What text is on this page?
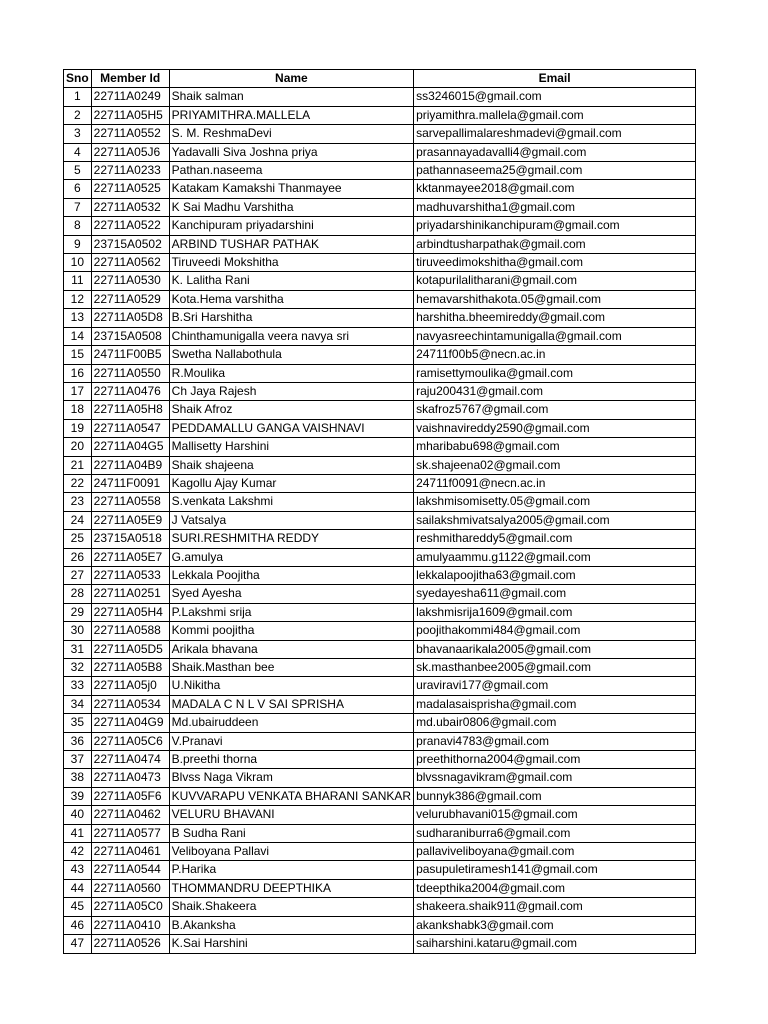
Sno	Member Id	Name	Email
1	22711A0249	Shaik salman	ss3246015@gmail.com
2	22711A05H5	PRIYAMITHRA.MALLELA	priyamithra.mallela@gmail.com
3	22711A0552	S. M. ReshmaDevi	sarvepallimalareshmadevi@gmail.com
4	22711A05J6	Yadavalli Siva Joshna priya	prasannayadavalli4@gmail.com
5	22711A0233	Pathan.naseema	pathannaseema25@gmail.com
6	22711A0525	Katakam Kamakshi Thanmayee	kktanmayee2018@gmail.com
7	22711A0532	K Sai Madhu Varshitha	madhuvarshitha1@gmail.com
8	22711A0522	Kanchipuram priyadarshini	priyadarshinikanchipuram@gmail.com
9	23715A0502	ARBIND TUSHAR PATHAK	arbindtusharpathak@gmail.com
10	22711A0562	Tiruveedi Mokshitha	tiruveedimokshitha@gmail.com
11	22711A0530	K. Lalitha Rani	kotapurilalitharani@gmail.com
12	22711A0529	Kota.Hema varshitha	hemavarshithakota.05@gmail.com
13	22711A05D8	B.Sri Harshitha	harshitha.bheemireddy@gmail.com
14	23715A0508	Chinthamunigalla veera navya sri	navyasreechintamunigalla@gmail.com
15	24711F00B5	Swetha Nallabothula	24711f00b5@necn.ac.in
16	22711A0550	R.Moulika	ramisettymoulika@gmail.com
17	22711A0476	Ch Jaya Rajesh	raju200431@gmail.com
18	22711A05H8	Shaik Afroz	skafroz5767@gmail.com
19	22711A0547	PEDDAMALLU GANGA VAISHNAVI	vaishnavireddy2590@gmail.com
20	22711A04G5	Mallisetty Harshini	mharibabu698@gmail.com
21	22711A04B9	Shaik shajeena	sk.shajeena02@gmail.com
22	24711F0091	Kagollu Ajay Kumar	24711f0091@necn.ac.in
23	22711A0558	S.venkata Lakshmi	lakshmisomisetty.05@gmail.com
24	22711A05E9	J Vatsalya	sailakshmivatsalya2005@gmail.com
25	23715A0518	SURI.RESHMITHA REDDY	reshmithareddy5@gmail.com
26	22711A05E7	G.amulya	amulyaammu.g1122@gmail.com
27	22711A0533	Lekkala Poojitha	lekkalapoojitha63@gmail.com
28	22711A0251	Syed Ayesha	syedayesha611@gmail.com
29	22711A05H4	P.Lakshmi srija	lakshmisrija1609@gmail.com
30	22711A0588	Kommi poojitha	poojithakommi484@gmail.com
31	22711A05D5	Arikala bhavana	bhavanaarikala2005@gmail.com
32	22711A05B8	Shaik.Masthan bee	sk.masthanbee2005@gmail.com
33	22711A05j0	U.Nikitha	uraviravi177@gmail.com
34	22711A0534	MADALA C N L V SAI SPRISHA	madalasaisprisha@gmail.com
35	22711A04G9	Md.ubairuddeen	md.ubair0806@gmail.com
36	22711A05C6	V.Pranavi	pranavi4783@gmail.com
37	22711A0474	B.preethi thorna	preethithorna2004@gmail.com
38	22711A0473	Blvss Naga Vikram	blvssnagavikram@gmail.com
39	22711A05F6	KUVVARAPU VENKATA BHARANI SANKAR	bunnyk386@gmail.com
40	22711A0462	VELURU BHAVANI	velurubhavani015@gmail.com
41	22711A0577	B Sudha Rani	sudharaniburra6@gmail.com
42	22711A0461	Veliboyana Pallavi	pallaviveliboyana@gmail.com
43	22711A0544	P.Harika	pasupuletiramesh141@gmail.com
44	22711A0560	THOMMANDRU DEEPTHIKA	tdeepthika2004@gmail.com
45	22711A05C0	Shaik.Shakeera	shakeera.shaik911@gmail.com
46	22711A0410	B.Akanksha	akankshabk3@gmail.com
47	22711A0526	K.Sai Harshini	saiharshini.kataru@gmail.com
